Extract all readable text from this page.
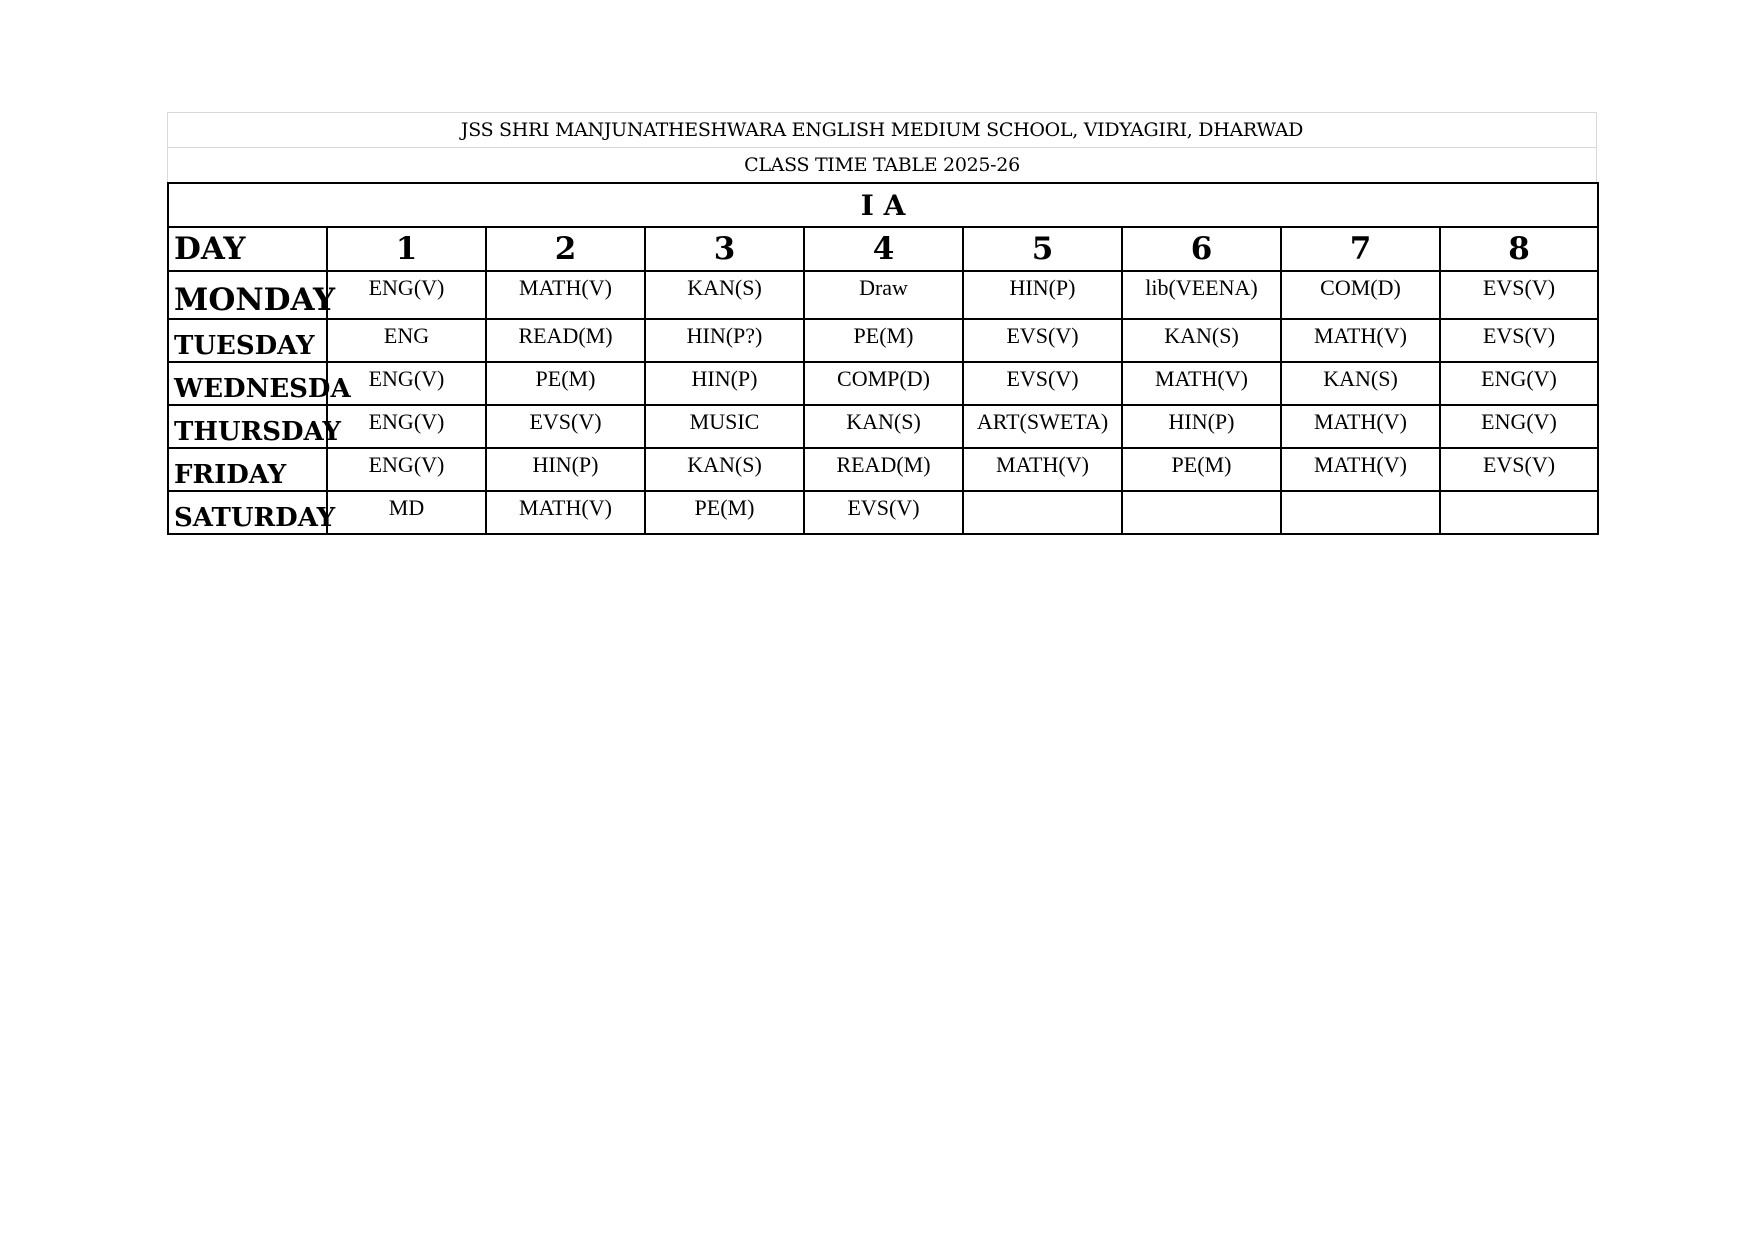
JSS SHRI MANJUNATHESHWARA ENGLISH MEDIUM SCHOOL, VIDYAGIRI, DHARWAD
CLASS TIME TABLE 2025-26
I A								
DAY	1	2	3	4	5	6	7	8
MONDAY	ENG(V)	MATH(V)	KAN(S)	Draw	HIN(P)	lib(VEENA)	COM(D)	EVS(V)
TUESDAY	ENG	READ(M)	HIN(P?)	PE(M)	EVS(V)	KAN(S)	MATH(V)	EVS(V)
WEDNESDA	ENG(V)	PE(M)	HIN(P)	COMP(D)	EVS(V)	MATH(V)	KAN(S)	ENG(V)
THURSDAY	ENG(V)	EVS(V)	MUSIC	KAN(S)	ART(SWETA)	HIN(P)	MATH(V)	ENG(V)
FRIDAY	ENG(V)	HIN(P)	KAN(S)	READ(M)	MATH(V)	PE(M)	MATH(V)	EVS(V)
SATURDAY	MD	MATH(V)	PE(M)	EVS(V)				
